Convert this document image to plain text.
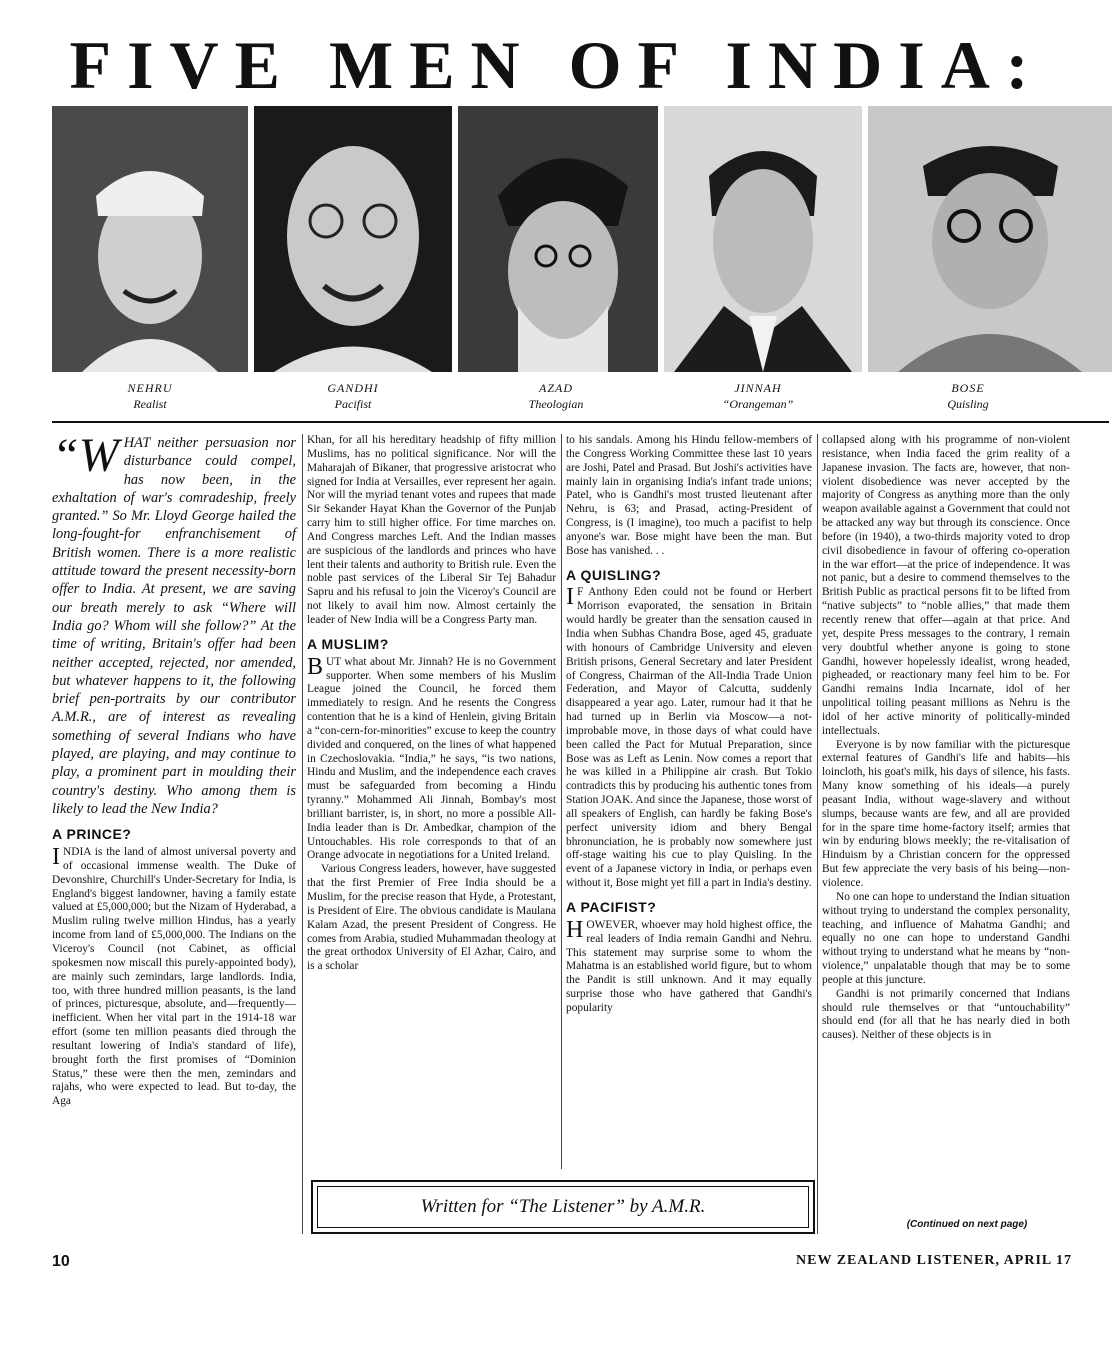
FIVE MEN OF INDIA:
NEHRU
Realist
GANDHI
Pacifist
AZAD
Theologian
JINNAH
“Orangeman”
BOSE
Quisling
“WHAT neither persuasion nor disturbance could compel, has now been, in the exhaltation of war's comradeship, freely granted.” So Mr. Lloyd George hailed the long-fought-for enfranchisement of British women. There is a more realistic attitude toward the present necessity-born offer to India. At present, we are saving our breath merely to ask “Where will India go? Whom will she follow?” At the time of writing, Britain's offer had been neither accepted, rejected, nor amended, but whatever happens to it, the following brief pen-portraits by our contributor A.M.R., are of interest as revealing something of several Indians who have played, are playing, and may continue to play, a prominent part in moulding their country's destiny. Who among them is likely to lead the New India?
A PRINCE?

INDIA is the land of almost universal poverty and of occasional immense wealth. The Duke of Devonshire, Churchill's Under-Secretary for India, is England's biggest landowner, having a family estate valued at £5,000,000; but the Nizam of Hyderabad, a Muslim ruling twelve million Hindus, has a yearly income from land of £5,000,000. The Indians on the Viceroy's Council (not Cabinet, as official spokesmen now miscall this purely-appointed body), are mainly such zemindars, large landlords. India, too, with three hundred million peasants, is the land of princes, picturesque, absolute, and—frequently—inefficient. When her vital part in the 1914-18 war effort (some ten million peasants died through the resultant lowering of India's standard of life), brought forth the first promises of “Dominion Status,” these were then the men, zemindars and rajahs, who were expected to lead. But to-day, the Aga

Khan, for all his hereditary headship of fifty million Muslims, has no political significance. Nor will the Maharajah of Bikaner, that progressive aristocrat who signed for India at Versailles, ever represent her again. Nor will the myriad tenant votes and rupees that made Sir Sekander Hayat Khan the Governor of the Punjab carry him to still higher office. For time marches on. And Congress marches Left. And the Indian masses are suspicious of the landlords and princes who have lent their talents and authority to British rule. Even the noble past services of the Liberal Sir Tej Bahadur Sapru and his refusal to join the Viceroy's Council are not likely to avail him now. Almost certainly the leader of New India will be a Congress Party man.

A MUSLIM?

BUT what about Mr. Jinnah? He is no Government supporter. When some members of his Muslim League joined the Council, he forced them immediately to resign. And he resents the Congress contention that he is a kind of Henlein, giving Britain a “con-cern-for-minorities” excuse to keep the country divided and conquered, on the lines of what happened in Czechoslovakia. “India,” he says, “is two nations, Hindu and Muslim, and the independence each craves must be safeguarded from becoming a Hindu tyranny.” Mohammed Ali Jinnah, Bombay's most brilliant barrister, is, in short, no more a possible All-India leader than is Dr. Ambedkar, champion of the Untouchables. His role corresponds to that of an Orange advocate in negotiations for a United Ireland.

Various Congress leaders, however, have suggested that the first Premier of Free India should be a Muslim, for the precise reason that Hyde, a Protestant, is President of Eire. The obvious candidate is Maulana Kalam Azad, the present President of Congress. He comes from Arabia, studied Muhammadan theology at the great orthodox University of El Azhar, Cairo, and is a scholar

to his sandals. Among his Hindu fellow-members of the Congress Working Committee these last 10 years are Joshi, Patel and Prasad. But Joshi's activities have mainly lain in organising India's infant trade unions; Patel, who is Gandhi's most trusted lieutenant after Nehru, is 63; and Prasad, acting-President of Congress, is (I imagine), too much a pacifist to help anyone's war. Bose might have been the man. But Bose has vanished. . .

A QUISLING?

I F Anthony Eden could not be found or Herbert Morrison evaporated, the sensation in Britain would hardly be greater than the sensation caused in India when Subhas Chandra Bose, aged 45, graduate with honours of Cambridge University and eleven British prisons, General Secretary and later President of Congress, Chairman of the All-India Trade Union Federation, and Mayor of Calcutta, suddenly disappeared a year ago. Later, rumour had it that he had turned up in Berlin via Moscow—a not-improbable move, in those days of what could have been called the Pact for Mutual Preparation, since Bose was as Left as Lenin. Now comes a report that he was killed in a Philippine air crash. But Tokio contradicts this by producing his authentic tones from Station JOAK. And since the Japanese, those worst of all speakers of English, can hardly be faking Bose's perfect university idiom and bhery Bengal bhronunciation, he is probably now somewhere just off-stage waiting his cue to play Quisling. In the event of a Japanese victory in India, or perhaps even without it, Bose might yet fill a part in India's destiny.

A PACIFIST?

HOWEVER, whoever may hold highest office, the real leaders of India remain Gandhi and Nehru. This statement may surprise some to whom the Mahatma is an established world figure, but to whom the Pandit is still unknown. And it may equally surprise those who have gathered that Gandhi's popularity

collapsed along with his programme of non-violent resistance, when India faced the grim reality of a Japanese invasion. The facts are, however, that non-violent disobedience was never accepted by the majority of Congress as anything more than the only weapon available against a Government that could not be attacked any way but through its conscience. Once before (in 1940), a two-thirds majority voted to drop civil disobedience in favour of offering co-operation in the war effort—at the price of independence. It was not panic, but a desire to commend themselves to the British Public as practical persons fit to be lifted from “native subjects” to “noble allies,” that made them recently renew that offer—again at that price. And yet, despite Press messages to the contrary, I remain very doubtful whether anyone is going to stone Gandhi, however hopelessly idealist, wrong headed, pigheaded, or reactionary many feel him to be. For Gandhi remains India Incarnate, idol of her unpolitical toiling peasant millions as Nehru is the idol of her active minority of politically-minded intellectuals.

Everyone is by now familiar with the picturesque external features of Gandhi's life and habits—his loincloth, his goat's milk, his days of silence, his fasts. Many know something of his ideals—a purely peasant India, without wage-slavery and without slumps, because wants are few, and all are provided for in the spare time home-factory itself; armies that win by enduring blows meekly; the re-vitalisation of Hinduism by a Christian concern for the oppressed But few appreciate the very basis of his being—non-violence.

No one can hope to understand the Indian situation without trying to understand the complex personality, teaching, and influence of Mahatma Gandhi; and equally no one can hope to understand Gandhi without trying to understand what he means by “non-violence,” unpalatable though that may be to some people at this juncture.

Gandhi is not primarily concerned that Indians should rule themselves or that “untouchability” should end (for all that he has nearly died in both causes). Neither of these objects is in

Written for “The Listener” by A.M.R.
(Continued on next page)
10	NEW ZEALAND LISTENER, APRIL 17
